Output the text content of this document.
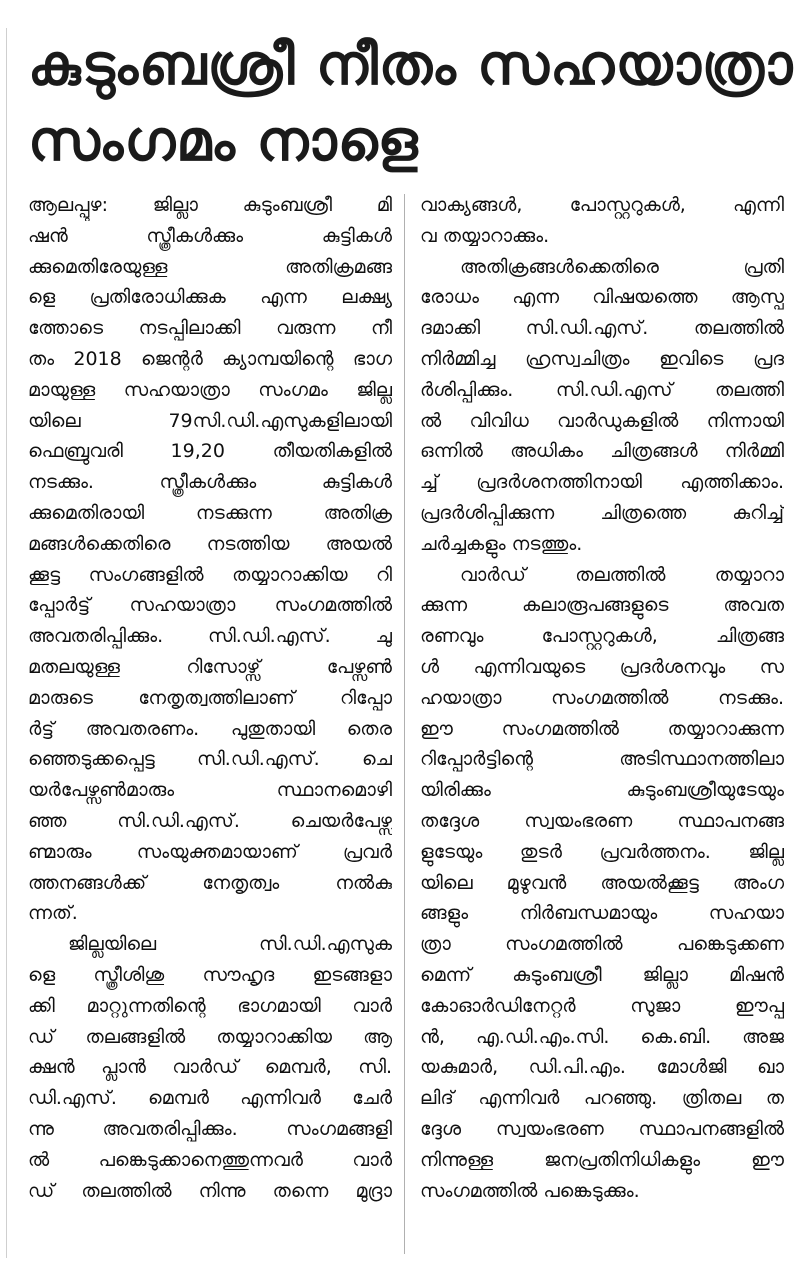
കുടുംബശ്രീ നീതം സഹയാത്രാ
സംഗമം നാളെ
ആലപ്പുഴ: ജില്ലാ കുടുംബശ്രീ മി
ഷൻ സ്ത്രീകൾക്കും കുട്ടികൾ
ക്കുമെതിരേയുള്ള അതിക്രമങ്ങ
ളെ പ്രതിരോധിക്കുക എന്ന ലക്ഷ്യ
ത്തോടെ നടപ്പിലാക്കി വരുന്ന നീ
തം 2018 ജെന്റർ ക്യാമ്പയിന്റെ ഭാഗ
മായുള്ള സഹയാത്രാ സംഗമം ജില്ല
യിലെ 79സി.ഡി.എസുകളിലായി
ഫെബ്രുവരി 19,20 തീയതികളിൽ
നടക്കും. സ്ത്രീകൾക്കും കുട്ടികൾ
ക്കുമെതിരായി നടക്കുന്ന അതിക്ര
മങ്ങൾക്കെതിരെ നടത്തിയ അയൽ
ക്കൂട്ട സംഗങ്ങളിൽ തയ്യാറാക്കിയ റി
പ്പോർട്ട് സഹയാത്രാ സംഗമത്തിൽ
അവതരിപ്പിക്കും. സി.ഡി.എസ്. ചു
മതലയുള്ള റിസോഴ്സ് പേഴ്സൺ
മാരുടെ നേതൃത്വത്തിലാണ് റിപ്പോ
ർട്ട് അവതരണം. പുതുതായി തെര
ഞ്ഞെടുക്കപ്പെട്ട സി.ഡി.എസ്. ചെ
യർപേഴ്സൺമാരും സ്ഥാനമൊഴി
ഞ്ഞ സി.ഡി.എസ്. ചെയർപേഴ്സ
ണ്മാരും സംയുക്തമായാണ് പ്രവർ
ത്തനങ്ങൾക്ക് നേതൃത്വം നൽകു
ന്നത്.
ജില്ലയിലെ സി.ഡി.എസുക
ളെ സ്ത്രീശിശു സൗഹൃദ ഇടങ്ങളാ
ക്കി മാറ്റുന്നതിന്റെ ഭാഗമായി വാർ
ഡ് തലങ്ങളിൽ തയ്യാറാക്കിയ ആ
ക്ഷൻ പ്ലാൻ വാർഡ് മെമ്പർ, സി.
ഡി.എസ്. മെമ്പർ എന്നിവർ ചേർ
ന്നു അവതരിപ്പിക്കും. സംഗമങ്ങളി
ൽ പങ്കെടുക്കാനെത്തുന്നവർ വാർ
ഡ് തലത്തിൽ നിന്നു തന്നെ മുദ്രാ
വാക്യങ്ങൾ, പോസ്റ്ററുകൾ, എന്നി
വ തയ്യാറാക്കും.
അതിക്രങ്ങൾക്കെതിരെ പ്രതി
രോധം എന്ന വിഷയത്തെ ആസ്പ
ദമാക്കി സി.ഡി.എസ്. തലത്തിൽ
നിർമ്മിച്ച ഹ്രസ്വചിത്രം ഇവിടെ പ്രദ
ർശിപ്പിക്കും. സി.ഡി.എസ് തലത്തി
ൽ വിവിധ വാർഡുകളിൽ നിന്നായി
ഒന്നിൽ അധികം ചിത്രങ്ങൾ നിർമ്മി
ച്ച് പ്രദർശനത്തിനായി എത്തിക്കാം.
പ്രദർശിപ്പിക്കുന്ന ചിത്രത്തെ കുറിച്ച്
ചർച്ചകളും നടത്തും.
വാർഡ് തലത്തിൽ തയ്യാറാ
ക്കുന്ന കലാരൂപങ്ങളുടെ അവത
രണവും പോസ്റ്ററുകൾ, ചിത്രങ്ങ
ൾ എന്നിവയുടെ പ്രദർശനവും സ
ഹയാത്രാ സംഗമത്തിൽ നടക്കും.
ഈ സംഗമത്തിൽ തയ്യാറാക്കുന്ന
റിപ്പോർട്ടിന്റെ അടിസ്ഥാനത്തിലാ
യിരിക്കും കുടുംബശ്രീയുടേയും
തദ്ദേശ സ്വയംഭരണ സ്ഥാപനങ്ങ
ളുടേയും തുടർ പ്രവർത്തനം. ജില്ല
യിലെ മുഴുവൻ അയൽക്കൂട്ട അംഗ
ങ്ങളും നിർബന്ധമായും സഹയാ
ത്രാ സംഗമത്തിൽ പങ്കെടുക്കണ
മെന്ന് കുടുംബശ്രീ ജില്ലാ മിഷൻ
കോഓർഡിനേറ്റർ സുജാ ഈപ്പ
ൻ, എ.ഡി.എം.സി. കെ.ബി. അജ
യകുമാർ, ഡി.പി.എം. മോൾജി ഖാ
ലിദ് എന്നിവർ പറഞ്ഞു. ത്രിതല ത
ദ്ദേശ സ്വയംഭരണ സ്ഥാപനങ്ങളിൽ
നിന്നുള്ള ജനപ്രതിനിധികളും ഈ
സംഗമത്തിൽ പങ്കെടുക്കും.
